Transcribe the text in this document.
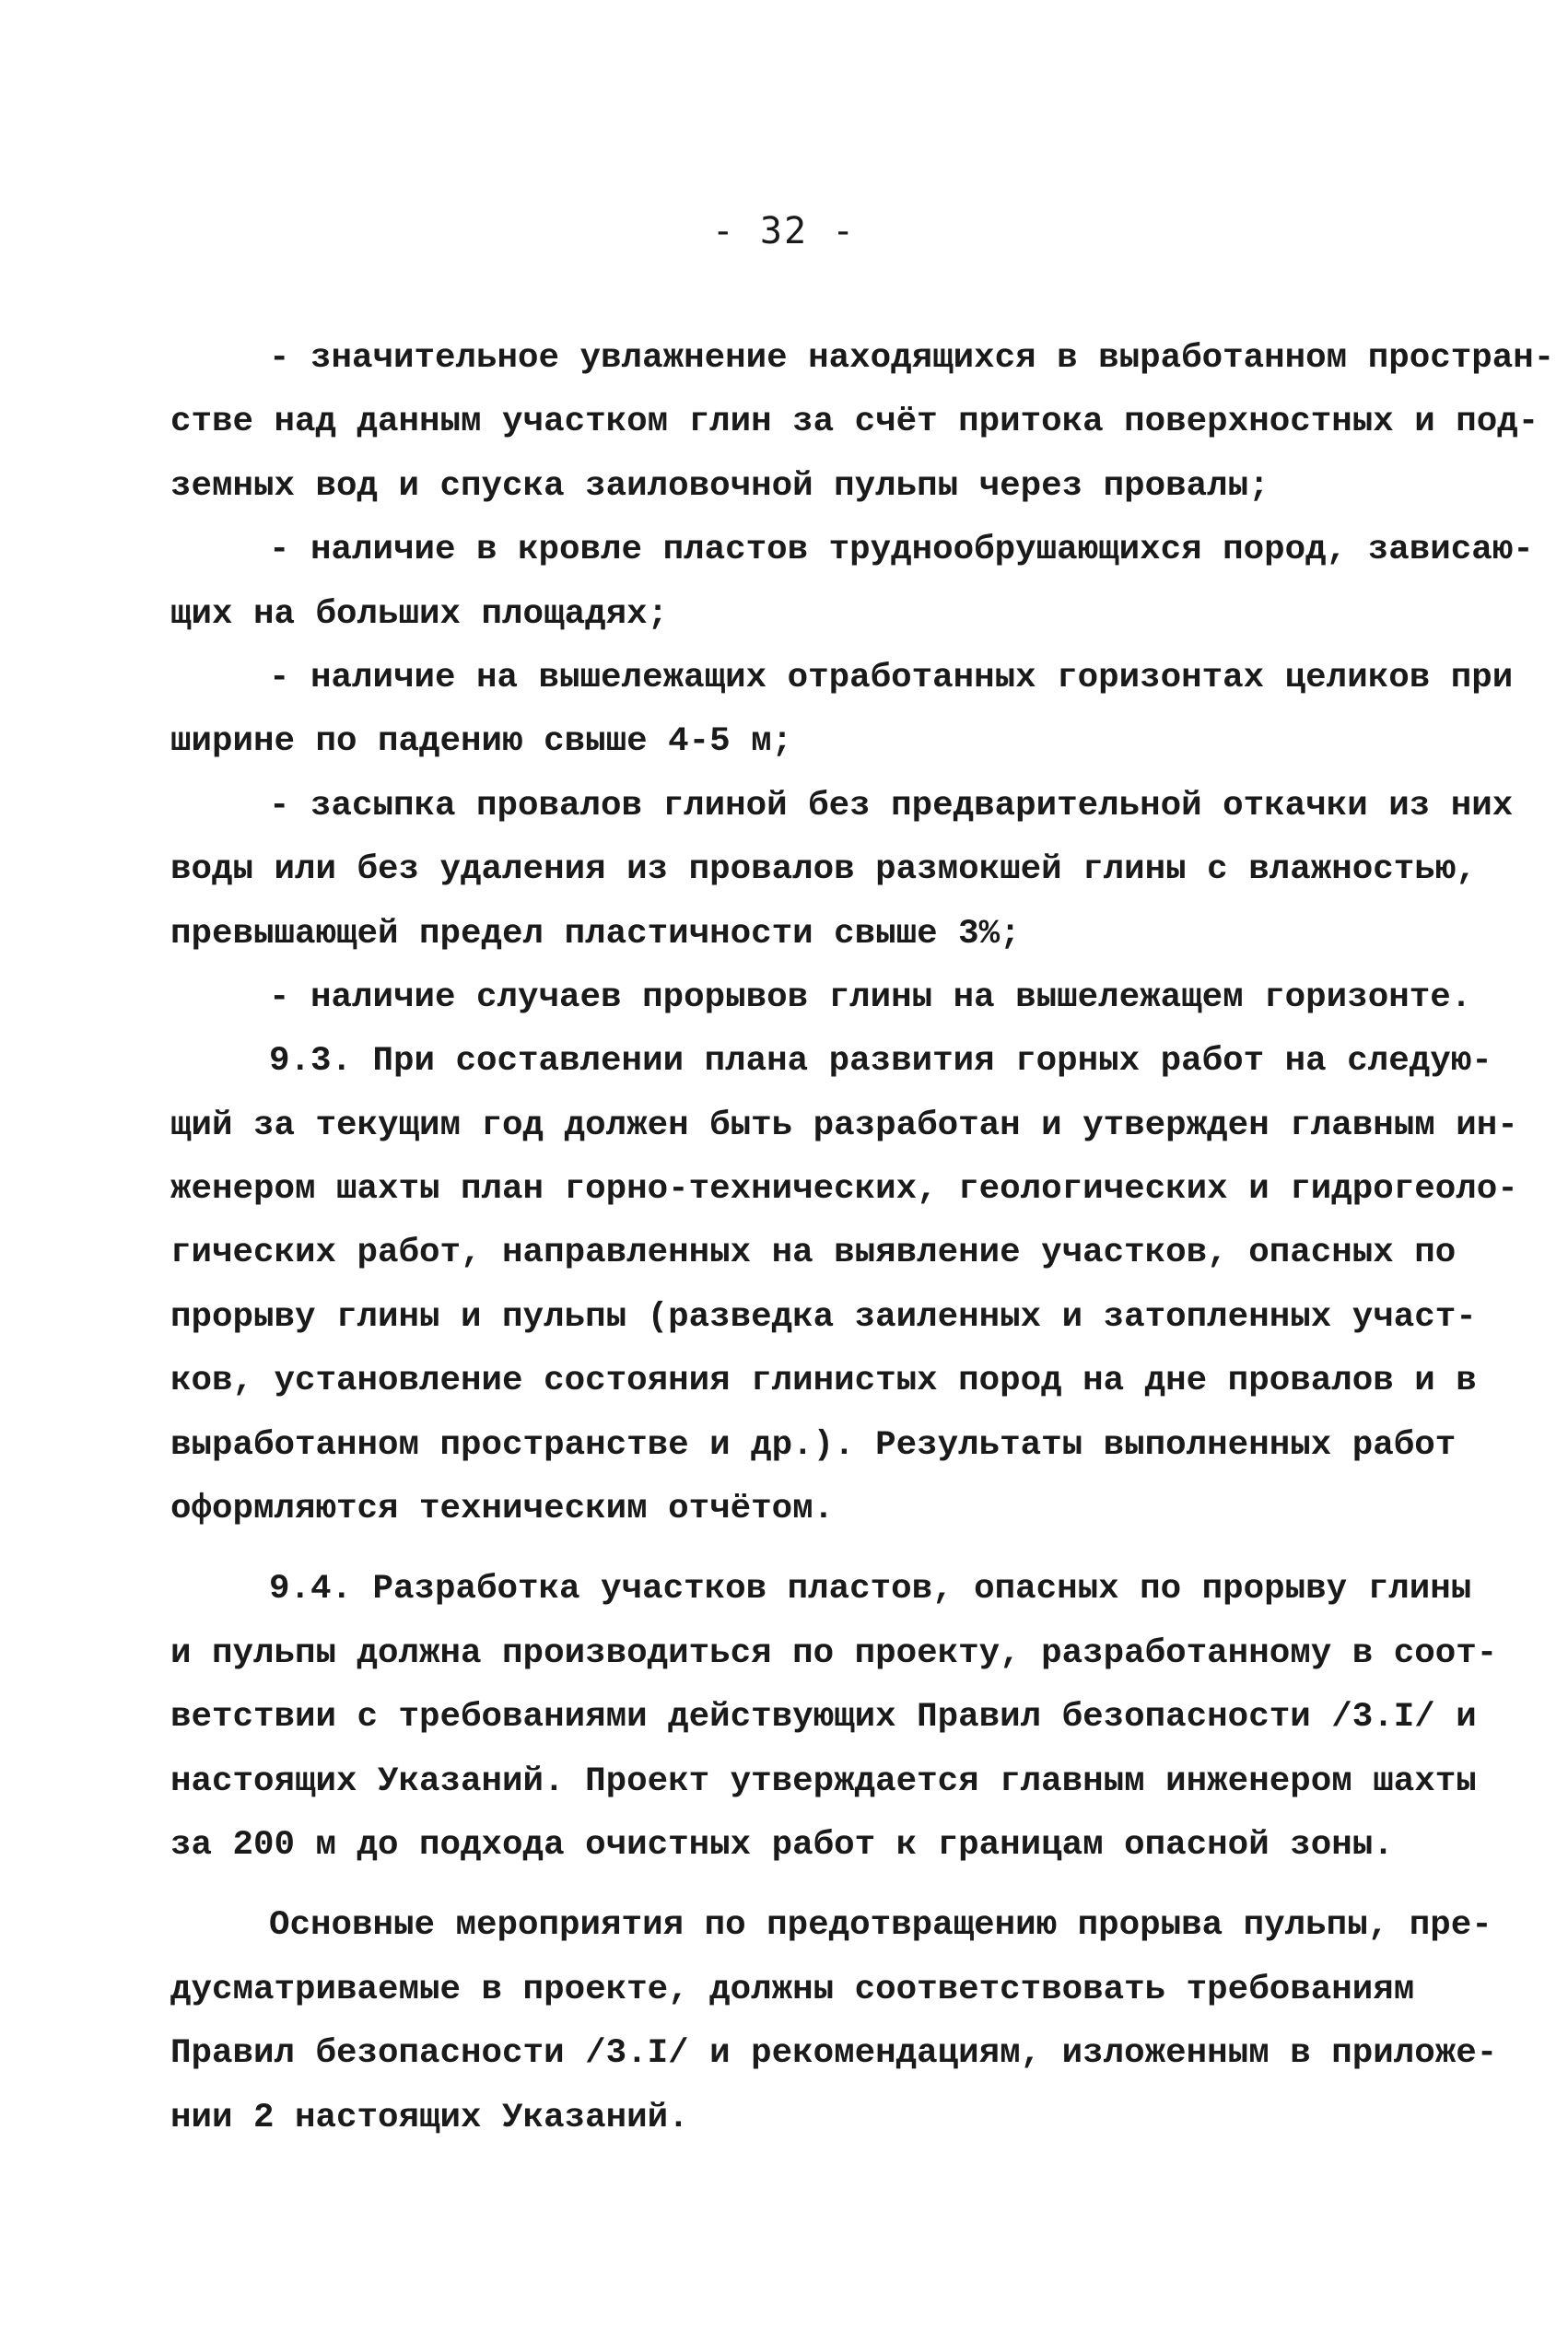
- 32 -
- значительное увлажнение находящихся в выработанном простран-
стве над данным участком глин за счёт притока поверхностных и под-
земных вод и спуска заиловочной пульпы через провалы;
- наличие в кровле пластов труднообрушающихся пород, зависаю-
щих на больших площадях;
- наличие на вышележащих отработанных горизонтах целиков при
ширине по падению свыше 4-5 м;
- засыпка провалов глиной без предварительной откачки из них
воды или без удаления из провалов размокшей глины с влажностью,
превышающей предел пластичности свыше 3%;
- наличие случаев прорывов глины на вышележащем горизонте.
9.3. При составлении плана развития горных работ на следую-
щий за текущим год должен быть разработан и утвержден главным ин-
женером шахты план горно-технических, геологических и гидрогеоло-
гических работ, направленных на выявление участков, опасных по
прорыву глины и пульпы (разведка заиленных и затопленных участ-
ков, установление состояния глинистых пород на дне провалов и в
выработанном пространстве и др.). Результаты выполненных работ
оформляются техническим отчётом.
9.4. Разработка участков пластов, опасных по прорыву глины
и пульпы должна производиться по проекту, разработанному в соот-
ветствии с требованиями действующих Правил безопасности /3.I/ и
настоящих Указаний. Проект утверждается главным инженером шахты
за 200 м до подхода очистных работ к границам опасной зоны.
Основные мероприятия по предотвращению прорыва пульпы, пре-
дусматриваемые в проекте, должны соответствовать требованиям
Правил безопасности /3.I/ и рекомендациям, изложенным в приложе-
нии 2 настоящих Указаний.
